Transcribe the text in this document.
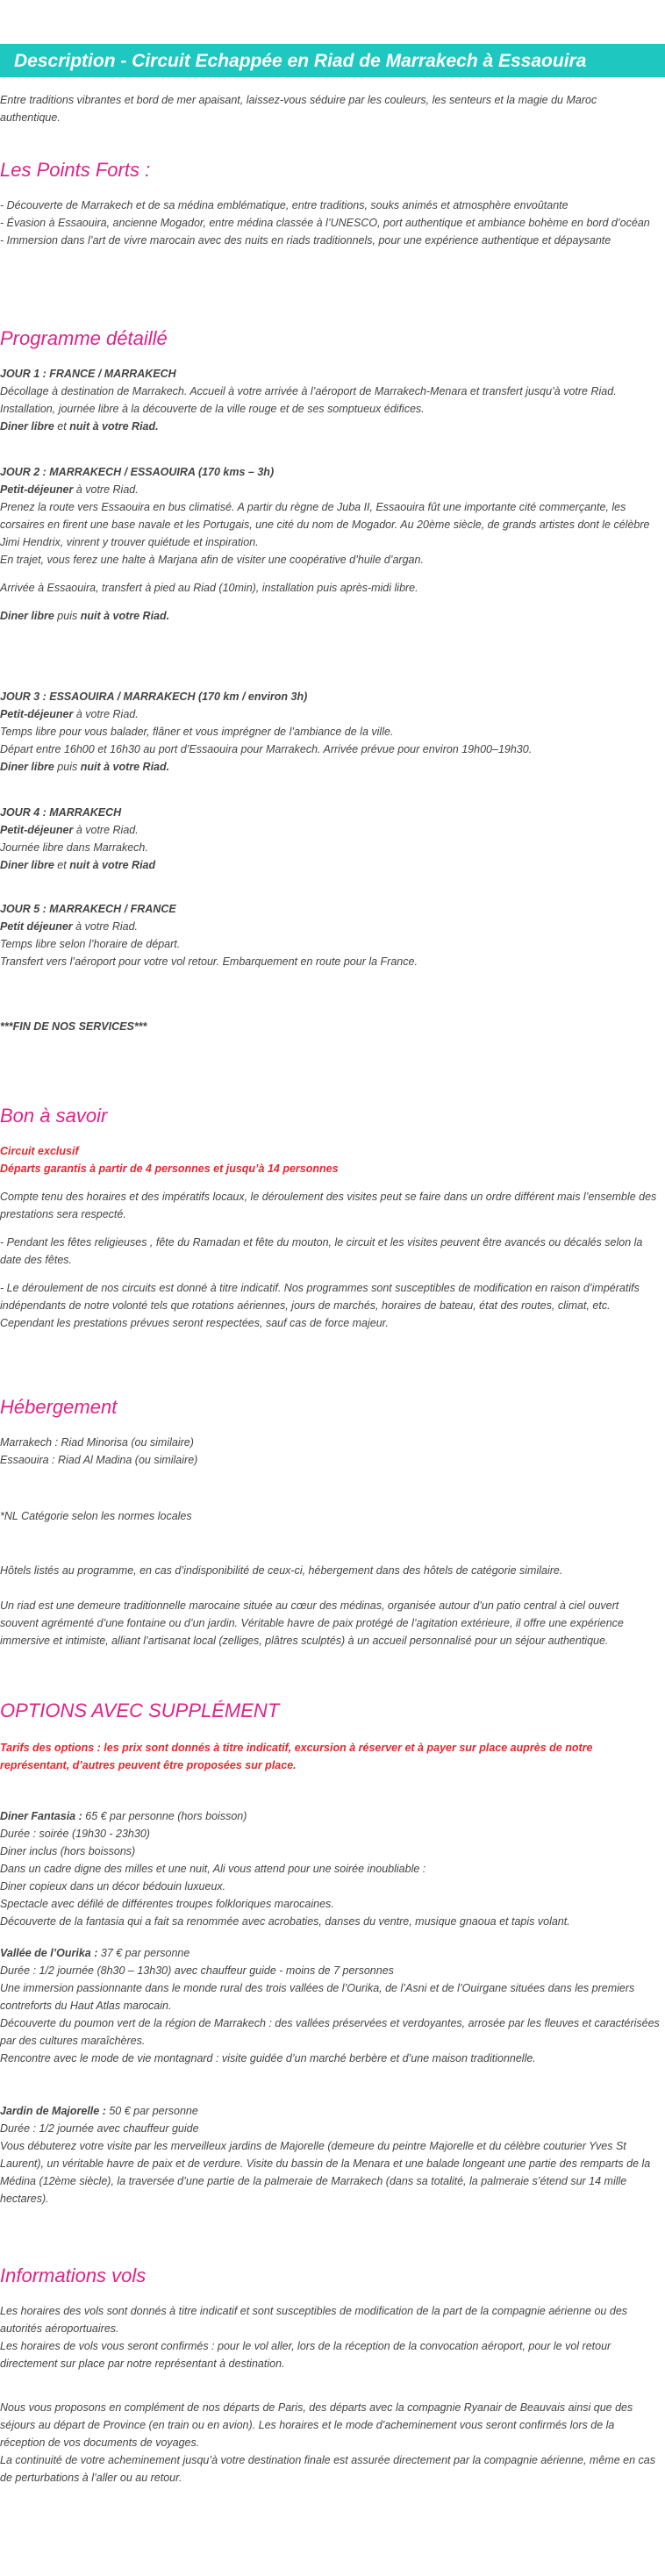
Description - Circuit Echappée en Riad de Marrakech à Essaouira

Entre traditions vibrantes et bord de mer apaisant, laissez-vous séduire par les couleurs, les senteurs et la magie du Maroc authentique.

Les Points Forts :

- Découverte de Marrakech et de sa médina emblématique, entre traditions, souks animés et atmosphère envoûtante

- Évasion à Essaouira, ancienne Mogador, entre médina classée à l’UNESCO, port authentique et ambiance bohème en bord d’océan

- Immersion dans l’art de vivre marocain avec des nuits en riads traditionnels, pour une expérience authentique et dépaysante

Programme détaillé

JOUR 1 : FRANCE / MARRAKECH

Décollage à destination de Marrakech. Accueil à votre arrivée à l’aéroport de Marrakech-Menara et transfert jusqu’à votre Riad. Installation, journée libre à la découverte de la ville rouge et de ses somptueux édifices.

Diner libre et nuit à votre Riad.

JOUR 2 : MARRAKECH / ESSAOUIRA (170 kms – 3h)

Petit-déjeuner à votre Riad.

Prenez la route vers Essaouira en bus climatisé. A partir du règne de Juba II, Essaouira fût une importante cité commerçante, les corsaires en firent une base navale et les Portugais, une cité du nom de Mogador. Au 20ème siècle, de grands artistes dont le célèbre Jimi Hendrix, vinrent y trouver quiétude et inspiration.

En trajet, vous ferez une halte à Marjana afin de visiter une coopérative d’huile d’argan.

Arrivée à Essaouira, transfert à pied au Riad (10min), installation puis après-midi libre.

Diner libre puis nuit à votre Riad.

JOUR 3 : ESSAOUIRA / MARRAKECH (170 km / environ 3h)

Petit-déjeuner à votre Riad.

Temps libre pour vous balader, flâner et vous imprégner de l’ambiance de la ville.

Départ entre 16h00 et 16h30 au port d’Essaouira pour Marrakech. Arrivée prévue pour environ 19h00–19h30.

Diner libre puis nuit à votre Riad.

JOUR 4 : MARRAKECH

Petit-déjeuner à votre Riad.

Journée libre dans Marrakech.

Diner libre et nuit à votre Riad

JOUR 5 : MARRAKECH / FRANCE

Petit déjeuner à votre Riad.

Temps libre selon l’horaire de départ.

Transfert vers l’aéroport pour votre vol retour. Embarquement en route pour la France.

***FIN DE NOS SERVICES***
Bon à savoir

Circuit exclusif

Départs garantis à partir de 4 personnes et jusqu’à 14 personnes

Compte tenu des horaires et des impératifs locaux, le déroulement des visites peut se faire dans un ordre différent mais l’ensemble des prestations sera respecté.

- Pendant les fêtes religieuses , fête du Ramadan et fête du mouton, le circuit et les visites peuvent être avancés ou décalés selon la date des fêtes.

- Le déroulement de nos circuits est donné à titre indicatif. Nos programmes sont susceptibles de modification en raison d’impératifs indépendants de notre volonté tels que rotations aériennes, jours de marchés, horaires de bateau, état des routes, climat, etc. Cependant les prestations prévues seront respectées, sauf cas de force majeur.

Hébergement

Marrakech : Riad Minorisa (ou similaire)

Essaouira : Riad Al Madina (ou similaire)

*NL Catégorie selon les normes locales
Hôtels listés au programme, en cas d’indisponibilité de ceux-ci, hébergement dans des hôtels de catégorie similaire.
Un riad est une demeure traditionnelle marocaine située au cœur des médinas, organisée autour d’un patio central à ciel ouvert souvent agrémenté d’une fontaine ou d’un jardin. Véritable havre de paix protégé de l’agitation extérieure, il offre une expérience immersive et intimiste, alliant l’artisanat local (zelliges, plâtres sculptés) à un accueil personnalisé pour un séjour authentique.
OPTIONS AVEC SUPPLÉMENT

Tarifs des options : les prix sont donnés à titre indicatif, excursion à réserver et à payer sur place auprès de notre représentant, d’autres peuvent être proposées sur place.

Diner Fantasia : 65 € par personne (hors boisson)

Durée : soirée (19h30 - 23h30)

Diner inclus (hors boissons)

Dans un cadre digne des milles et une nuit, Ali vous attend pour une soirée inoubliable :

Diner copieux dans un décor bédouin luxueux.

Spectacle avec défilé de différentes troupes folkloriques marocaines.

Découverte de la fantasia qui a fait sa renommée avec acrobaties, danses du ventre, musique gnaoua et tapis volant.

Vallée de l’Ourika : 37 € par personne

Durée : 1/2 journée (8h30 – 13h30) avec chauffeur guide - moins de 7 personnes

Une immersion passionnante dans le monde rural des trois vallées de l’Ourika, de l’Asni et de l’Ouirgane situées dans les premiers contreforts du Haut Atlas marocain.

Découverte du poumon vert de la région de Marrakech : des vallées préservées et verdoyantes, arrosée par les fleuves et caractérisées par des cultures maraîchères.

Rencontre avec le mode de vie montagnard : visite guidée d’un marché berbère et d’une maison traditionnelle.

Jardin de Majorelle : 50 € par personne

Durée : 1/2 journée avec chauffeur guide

Vous débuterez votre visite par les merveilleux jardins de Majorelle (demeure du peintre Majorelle et du célèbre couturier Yves St Laurent), un véritable havre de paix et de verdure. Visite du bassin de la Menara et une balade longeant une partie des remparts de la Médina (12ème siècle), la traversée d’une partie de la palmeraie de Marrakech (dans sa totalité, la palmeraie s’étend sur 14 mille hectares).

Informations vols

Les horaires des vols sont donnés à titre indicatif et sont susceptibles de modification de la part de la compagnie aérienne ou des autorités aéroportuaires.

Les horaires de vols vous seront confirmés : pour le vol aller, lors de la réception de la convocation aéroport, pour le vol retour directement sur place par notre représentant à destination.

Nous vous proposons en complément de nos départs de Paris, des départs avec la compagnie Ryanair de Beauvais ainsi que des séjours au départ de Province (en train ou en avion). Les horaires et le mode d’acheminement vous seront confirmés lors de la réception de vos documents de voyages.

La continuité de votre acheminement jusqu’à votre destination finale est assurée directement par la compagnie aérienne, même en cas de perturbations à l’aller ou au retour.
